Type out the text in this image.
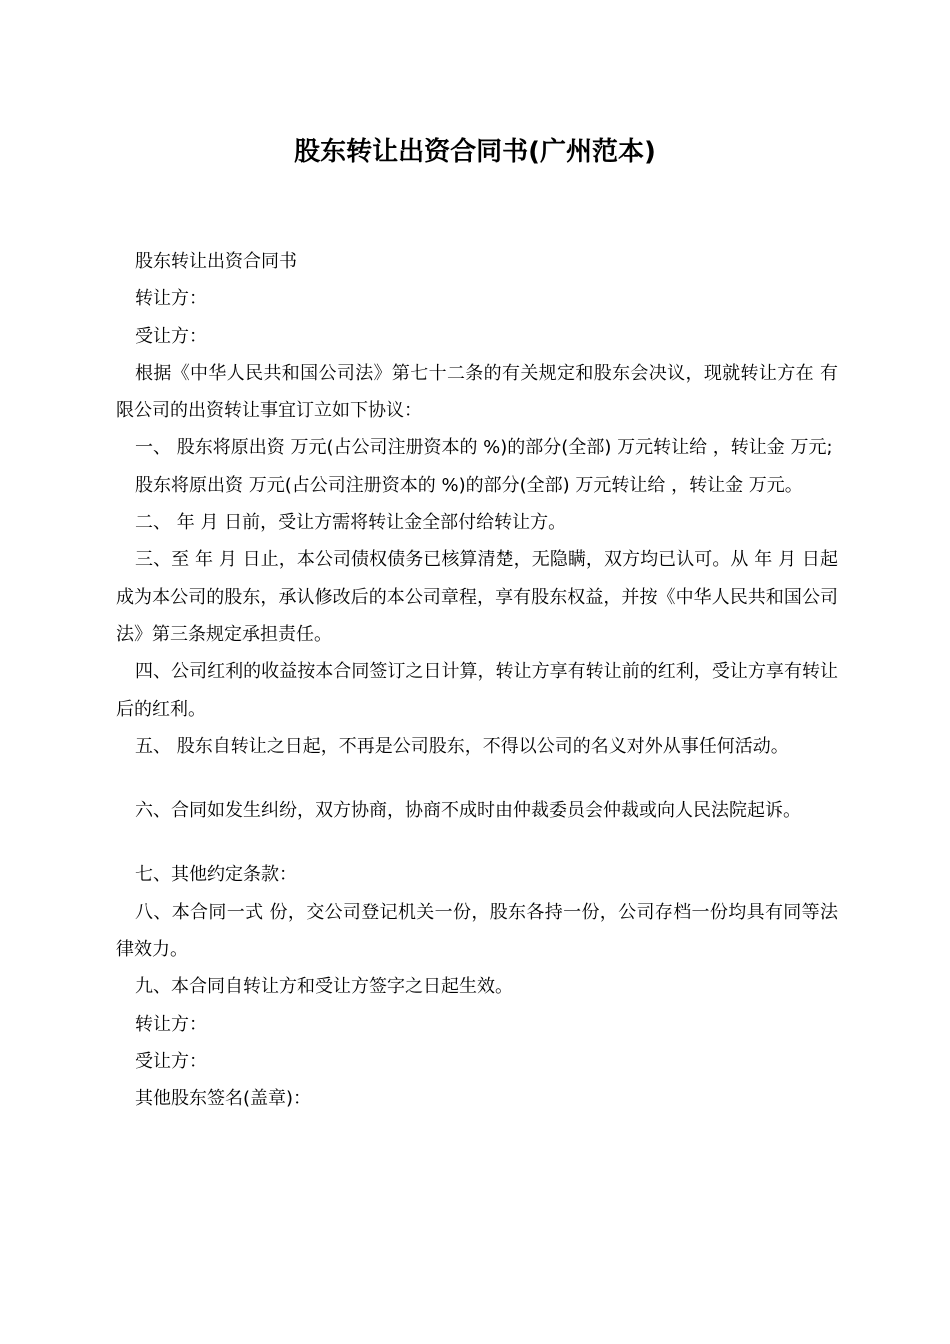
股东转让出资合同书(广州范本)

股东转让出资合同书

转让方：

受让方：

根据《中华人民共和国公司法》第七十二条的有关规定和股东会决议，现就转让方在 有限公司的出资转让事宜订立如下协议：

一、 股东将原出资 万元(占公司注册资本的 %)的部分(全部) 万元转让给 ，转让金 万元;

股东将原出资 万元(占公司注册资本的 %)的部分(全部) 万元转让给 ，转让金 万元。

二、 年 月 日前，受让方需将转让金全部付给转让方。

三、至 年 月 日止，本公司债权债务已核算清楚，无隐瞒，双方均已认可。从 年 月 日起 成为本公司的股东，承认修改后的本公司章程，享有股东权益，并按《中华人民共和国公司法》第三条规定承担责任。

四、公司红利的收益按本合同签订之日计算，转让方享有转让前的红利，受让方享有转让后的红利。

五、 股东自转让之日起，不再是公司股东，不得以公司的名义对外从事任何活动。

六、合同如发生纠纷，双方协商，协商不成时由仲裁委员会仲裁或向人民法院起诉。

七、其他约定条款：

八、本合同一式 份，交公司登记机关一份，股东各持一份，公司存档一份均具有同等法律效力。

九、本合同自转让方和受让方签字之日起生效。

转让方：

受让方：

其他股东签名(盖章)：
